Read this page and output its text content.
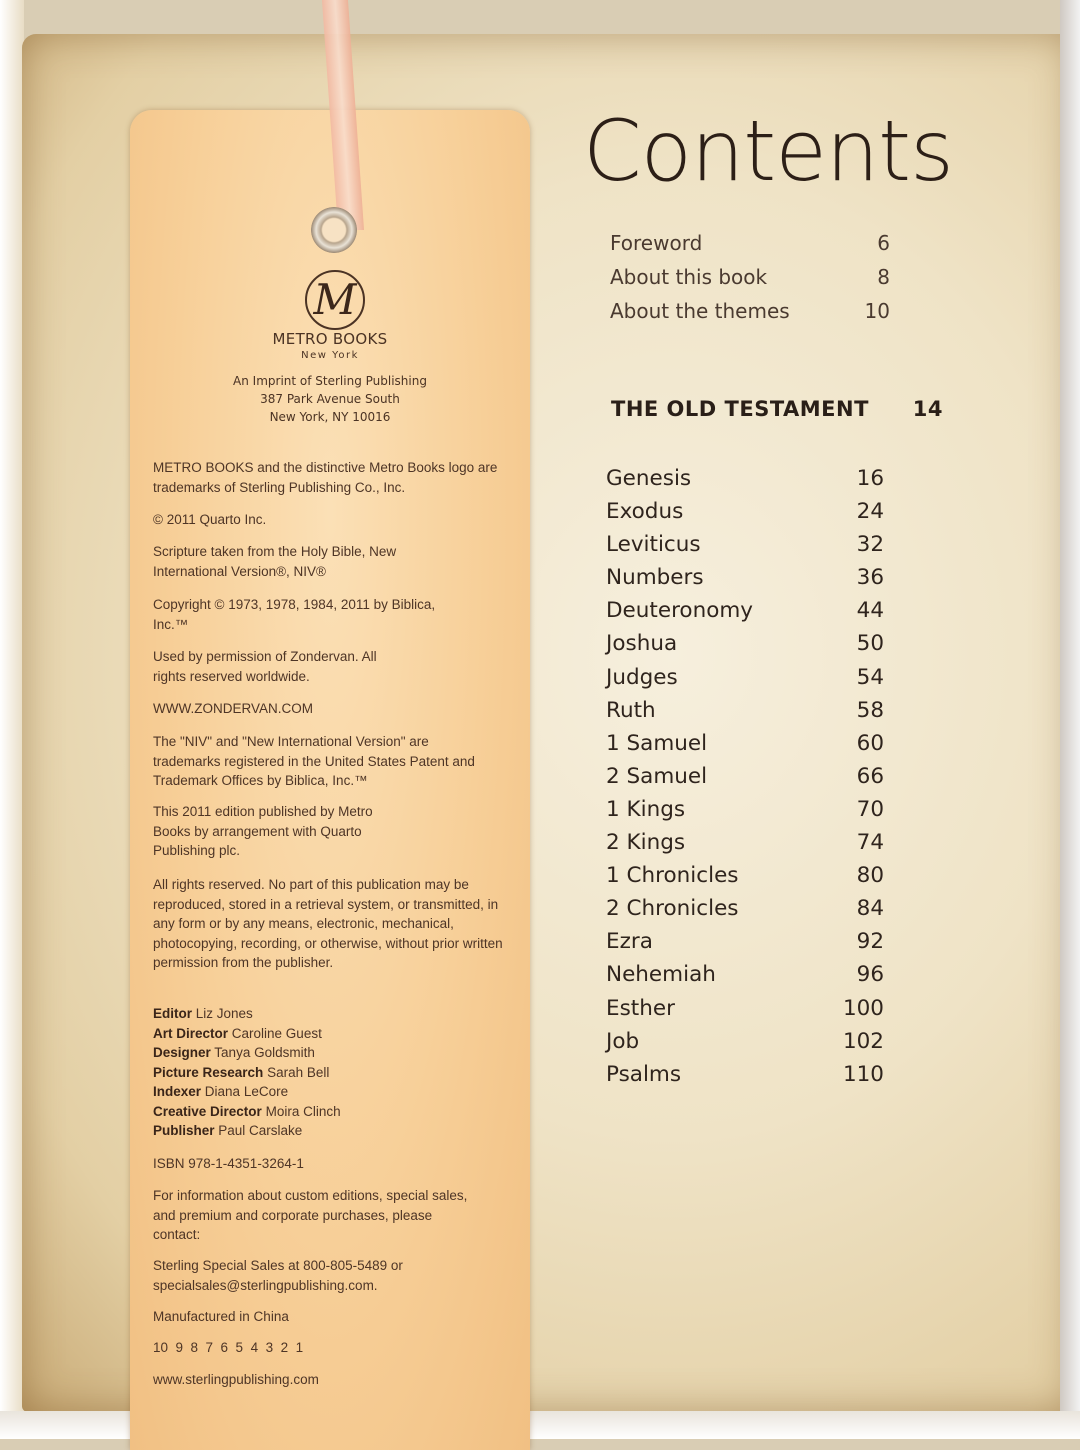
M
METRO BOOKS
New York
An Imprint of Sterling Publishing
387 Park Avenue South
New York, NY 10016
METRO BOOKS and the distinctive Metro Books logo are trademarks of Sterling Publishing Co., Inc.
© 2011 Quarto Inc.
Scripture taken from the Holy Bible, New International Version®, NIV®
Copyright © 1973, 1978, 1984, 2011 by Biblica, Inc.™
Used by permission of Zondervan. All rights reserved worldwide.
WWW.ZONDERVAN.COM
The "NIV" and "New International Version" are trademarks registered in the United States Patent and Trademark Offices by Biblica, Inc.™
This 2011 edition published by Metro Books by arrangement with Quarto Publishing plc.
All rights reserved. No part of this publication may be reproduced, stored in a retrieval system, or transmitted, in any form or by any means, electronic, mechanical, photocopying, recording, or otherwise, without prior written permission from the publisher.
Editor Liz Jones
Art Director Caroline Guest
Designer Tanya Goldsmith
Picture Research Sarah Bell
Indexer Diana LeCore
Creative Director Moira Clinch
Publisher Paul Carslake
ISBN 978-1-4351-3264-1
For information about custom editions, special sales, and premium and corporate purchases, please contact:
Sterling Special Sales at 800-805-5489 or specialsales@sterlingpublishing.com.
Manufactured in China
10  9  8  7  6  5  4  3  2  1
www.sterlingpublishing.com
Contents
Foreword	6
About this book	8
About the themes	10
THE OLD TESTAMENT 14
Genesis	16
Exodus	24
Leviticus	32
Numbers	36
Deuteronomy	44
Joshua	50
Judges	54
Ruth	58
1 Samuel	60
2 Samuel	66
1 Kings	70
2 Kings	74
1 Chronicles	80
2 Chronicles	84
Ezra	92
Nehemiah	96
Esther	100
Job	102
Psalms	110
